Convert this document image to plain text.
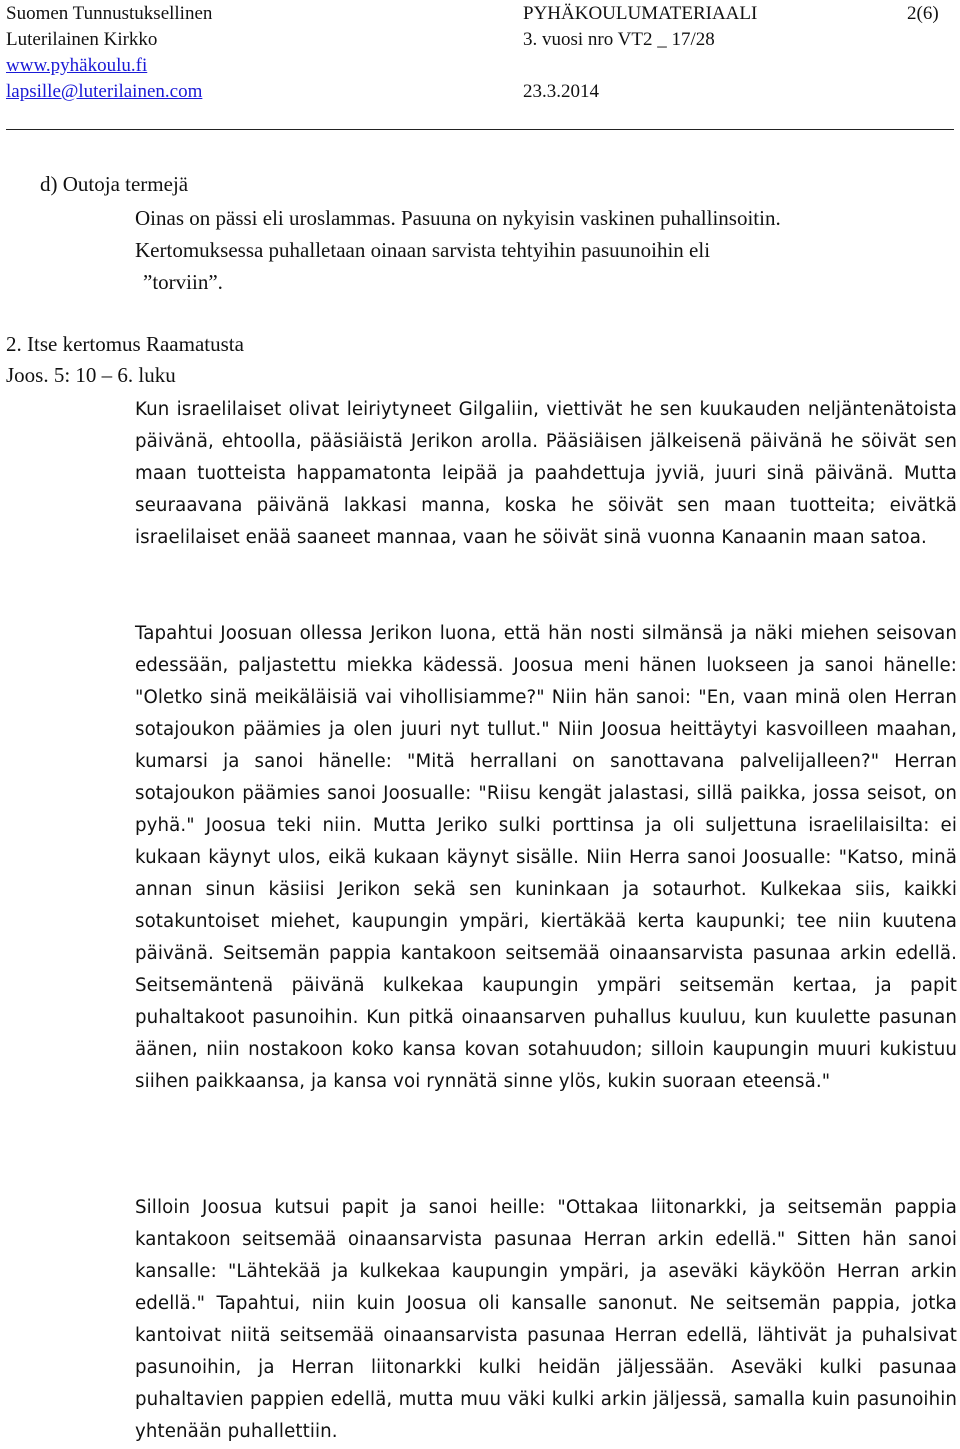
Suomen Tunnustuksellinen
Luterilainen Kirkko
www.pyhäkoulu.fi
lapsille@luterilainen.com
PYHÄKOULUMATERIAALI
3. vuosi nro VT2 _ 17/28

23.3.2014
2(6)
d) Outoja termejä
Oinas on pässi eli uroslammas. Pasuuna on nykyisin vaskinen puhallinsoitin.
Kertomuksessa puhalletaan oinaan sarvista tehtyihin pasuunoihin eli
”torviin”.
2. Itse kertomus Raamatusta
Joos. 5: 10 – 6. luku
Kun israelilaiset olivat leiriytyneet Gilgaliin, viettivät he sen kuukauden neljäntenätoista päivänä, ehtoolla, pääsiäistä Jerikon arolla. Pääsiäisen jälkeisenä päivänä he söivät sen maan tuotteista happamatonta leipää ja paahdettuja jyviä, juuri sinä päivänä. Mutta seuraavana päivänä lakkasi manna, koska he söivät sen maan tuotteita; eivätkä israelilaiset enää saaneet mannaa, vaan he söivät sinä vuonna Kanaanin maan satoa.
Tapahtui Joosuan ollessa Jerikon luona, että hän nosti silmänsä ja näki miehen seisovan edessään, paljastettu miekka kädessä. Joosua meni hänen luokseen ja sanoi hänelle: "Oletko sinä meikäläisiä vai vihollisiamme?" Niin hän sanoi: "En, vaan minä olen Herran sotajoukon päämies ja olen juuri nyt tullut." Niin Joosua heittäytyi kasvoilleen maahan, kumarsi ja sanoi hänelle: "Mitä herrallani on sanottavana palvelijalleen?" Herran sotajoukon päämies sanoi Joosualle: "Riisu kengät jalastasi, sillä paikka, jossa seisot, on pyhä." Joosua teki niin. Mutta Jeriko sulki porttinsa ja oli suljettuna israelilaisilta: ei kukaan käynyt ulos, eikä kukaan käynyt sisälle. Niin Herra sanoi Joosualle: "Katso, minä annan sinun käsiisi Jerikon sekä sen kuninkaan ja sotaurhot. Kulkekaa siis, kaikki sotakuntoiset miehet, kaupungin ympäri, kiertäkää kerta kaupunki; tee niin kuutena päivänä. Seitsemän pappia kantakoon seitsemää oinaansarvista pasunaa arkin edellä. Seitsemäntenä päivänä kulkekaa kaupungin ympäri seitsemän kertaa, ja papit puhaltakoot pasunoihin. Kun pitkä oinaansarven puhallus kuuluu, kun kuulette pasunan äänen, niin nostakoon koko kansa kovan sotahuudon; silloin kaupungin muuri kukistuu siihen paikkaansa, ja kansa voi rynnätä sinne ylös, kukin suoraan eteensä."
Silloin Joosua kutsui papit ja sanoi heille: "Ottakaa liitonarkki, ja seitsemän pappia kantakoon seitsemää oinaansarvista pasunaa Herran arkin edellä." Sitten hän sanoi kansalle: "Lähtekää ja kulkekaa kaupungin ympäri, ja aseväki käyköön Herran arkin edellä." Tapahtui, niin kuin Joosua oli kansalle sanonut. Ne seitsemän pappia, jotka kantoivat niitä seitsemää oinaansarvista pasunaa Herran edellä, lähtivät ja puhalsivat pasunoihin, ja Herran liitonarkki kulki heidän jäljessään. Aseväki kulki pasunaa puhaltavien pappien edellä, mutta muu väki kulki arkin jäljessä, samalla kuin pasunoihin yhtenään puhallettiin.
